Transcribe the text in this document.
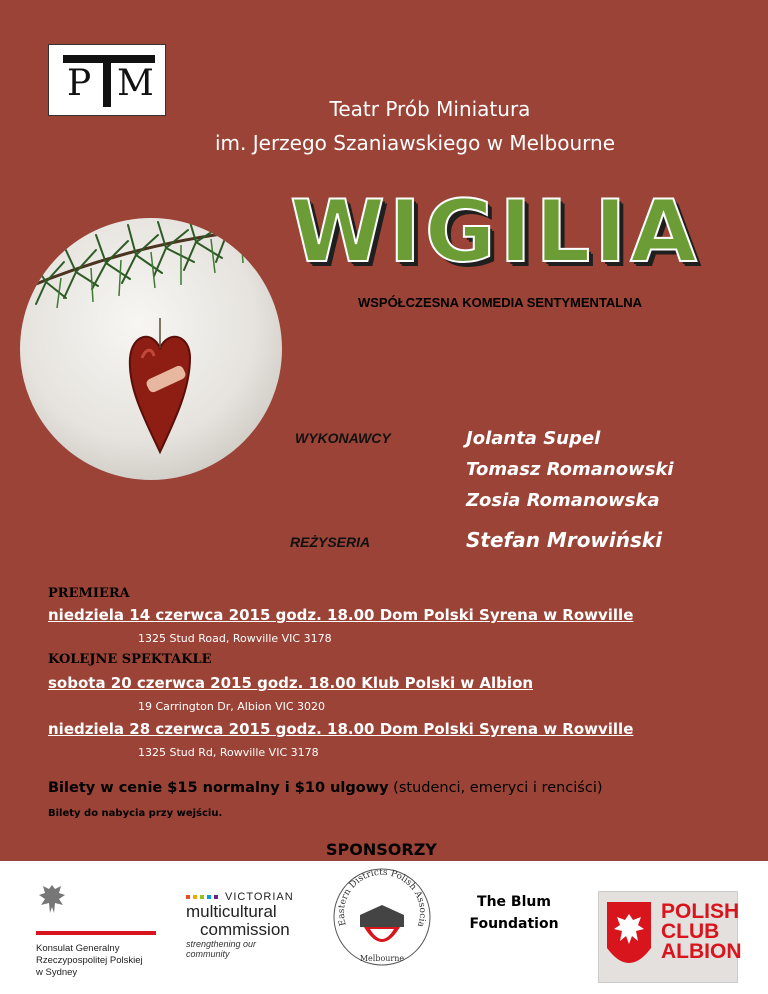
P M
Teatr Prób Miniatura
im. Jerzego Szaniawskiego w Melbourne
WIGILIA
WSPÓŁCZESNA KOMEDIA SENTYMENTALNA
WYKONAWCY	Jolanta Supel
Tomasz Romanowski
Zosia Romanowska
REŻYSERIA	Stefan Mrowiński
PREMIERA
niedziela 14 czerwca 2015 godz. 18.00 Dom Polski Syrena w Rowville
1325 Stud Road, Rowville VIC 3178
KOLEJNE SPEKTAKLE
sobota 20 czerwca 2015 godz. 18.00 Klub Polski w Albion
19 Carrington Dr, Albion VIC 3020
niedziela 28 czerwca 2015 godz. 18.00 Dom Polski Syrena w Rowville
1325 Stud Rd, Rowville VIC 3178
Bilety w cenie $15 normalny i $10 ulgowy (studenci, emeryci i renciści)
Bilety do nabycia przy wejściu.
SPONSORZY
Konsulat Generalny
Rzeczypospolitej Polskiej
w Sydney
VICTORIAN
multicultural
commission
strengthening our community
Eastern Districts Polish Associa
Melbourne
The Blum
Foundation
POLISH
CLUB
ALBION
